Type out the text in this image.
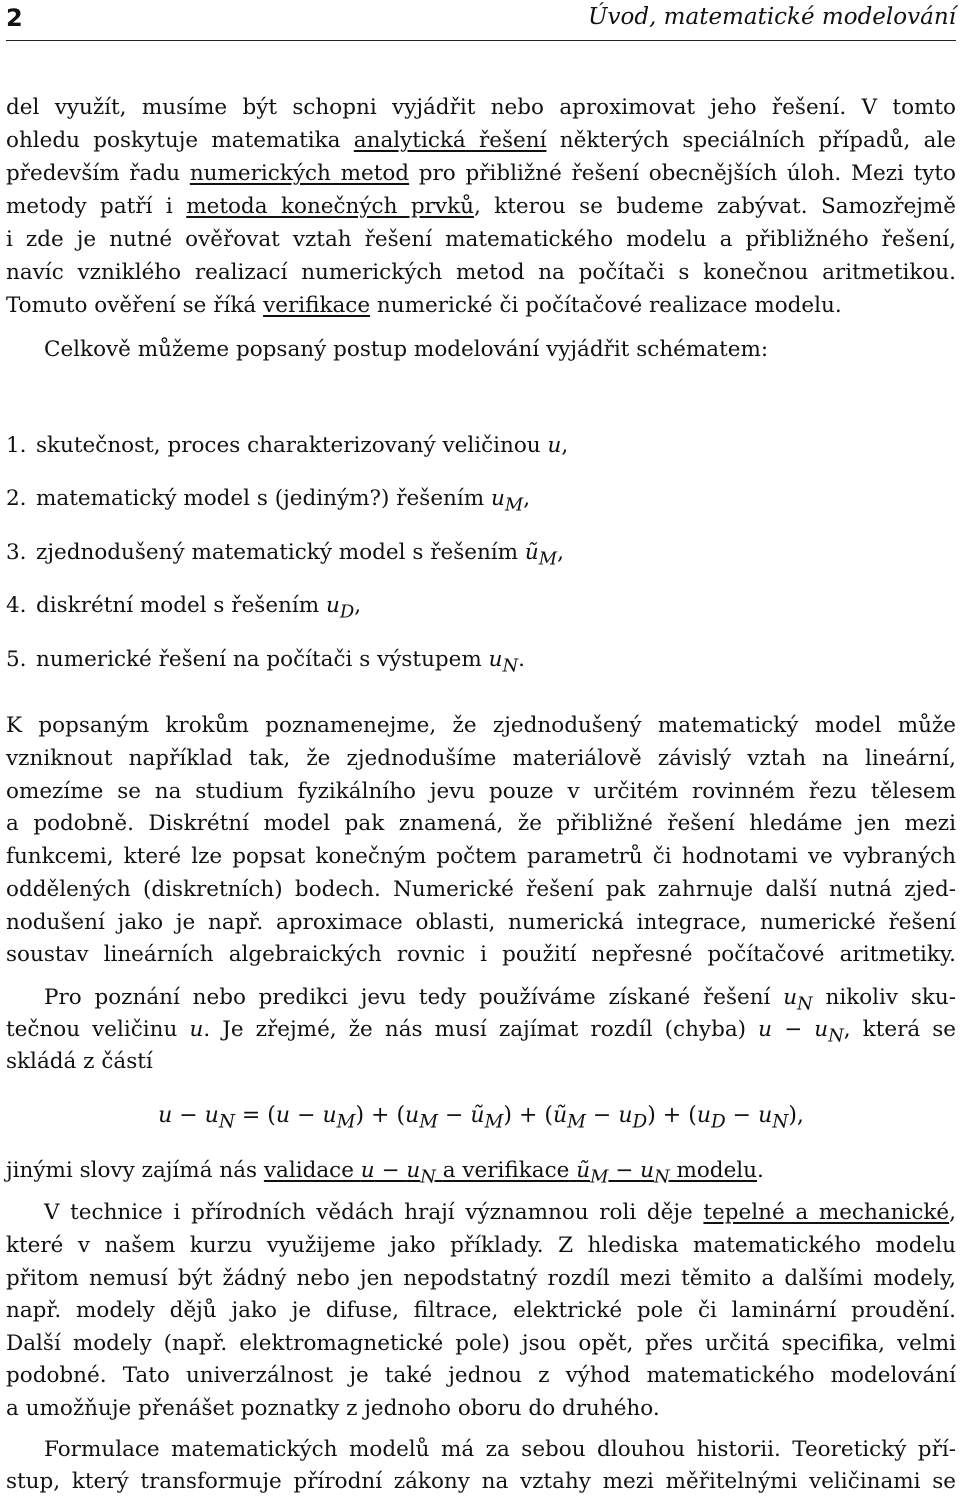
2	Úvod, matematické modelování
del využít, musíme být schopni vyjádřit nebo aproximovat jeho řešení. V tomto
ohledu poskytuje matematika analytická řešení některých speciálních případů, ale
především řadu numerických metod pro přibližné řešení obecnějších úloh. Mezi tyto
metody patří i metoda konečných prvků, kterou se budeme zabývat. Samozřejmě
i zde je nutné ověřovat vztah řešení matematického modelu a přibližného řešení,
navíc vzniklého realizací numerických metod na počítači s konečnou aritmetikou.
Tomuto ověření se říká verifikace numerické či počítačové realizace modelu.
Celkově můžeme popsaný postup modelování vyjádřit schématem:
1. skutečnost, proces charakterizovaný veličinou u,
2. matematický model s (jediným?) řešením $u_M$,
3. zjednodušený matematický model s řešením $ũ_M$,
4. diskrétní model s řešením $u_D$,
5. numerické řešení na počítači s výstupem $u_N$.
K popsaným krokům poznamenejme, že zjednodušený matematický model může
vzniknout například tak, že zjednodušíme materiálově závislý vztah na lineární,
omezíme se na studium fyzikálního jevu pouze v určitém rovinném řezu tělesem
a podobně. Diskrétní model pak znamená, že přibližné řešení hledáme jen mezi
funkcemi, které lze popsat konečným počtem parametrů či hodnotami ve vybraných
oddělených (diskretních) bodech. Numerické řešení pak zahrnuje další nutná zjed-
nodušení jako je např. aproximace oblasti, numerická integrace, numerické řešení
soustav lineárních algebraických rovnic i použití nepřesné počítačové aritmetiky.
Pro poznání nebo predikci jevu tedy používáme získané řešení $u_N$ nikoliv sku-
tečnou veličinu u. Je zřejmé, že nás musí zajímat rozdíl (chyba) $u - u_N$, která se
skládá z částí
$u - u_N = (u - u_M) + (u_M$ − $ũ_M$) + $(ũ_M - u_D) + (u_D - u_N)$,
jinými slovy zajímá nás validace $u - u_N$ a verifikace $ũ_M - u_N$ modelu.
V technice i přírodních vědách hrají významnou roli děje tepelné a mechanické,
které v našem kurzu využijeme jako příklady. Z hlediska matematického modelu
přitom nemusí být žádný nebo jen nepodstatný rozdíl mezi těmito a dalšími modely,
např. modely dějů jako je difuse, filtrace, elektrické pole či laminární proudění.
Další modely (např. elektromagnetické pole) jsou opět, přes určitá specifika, velmi
podobné. Tato univerzálnost je také jednou z výhod matematického modelování
a umožňuje přenášet poznatky z jednoho oboru do druhého.
Formulace matematických modelů má za sebou dlouhou historii. Teoretický pří-
stup, který transformuje přírodní zákony na vztahy mezi měřitelnými veličinami se
